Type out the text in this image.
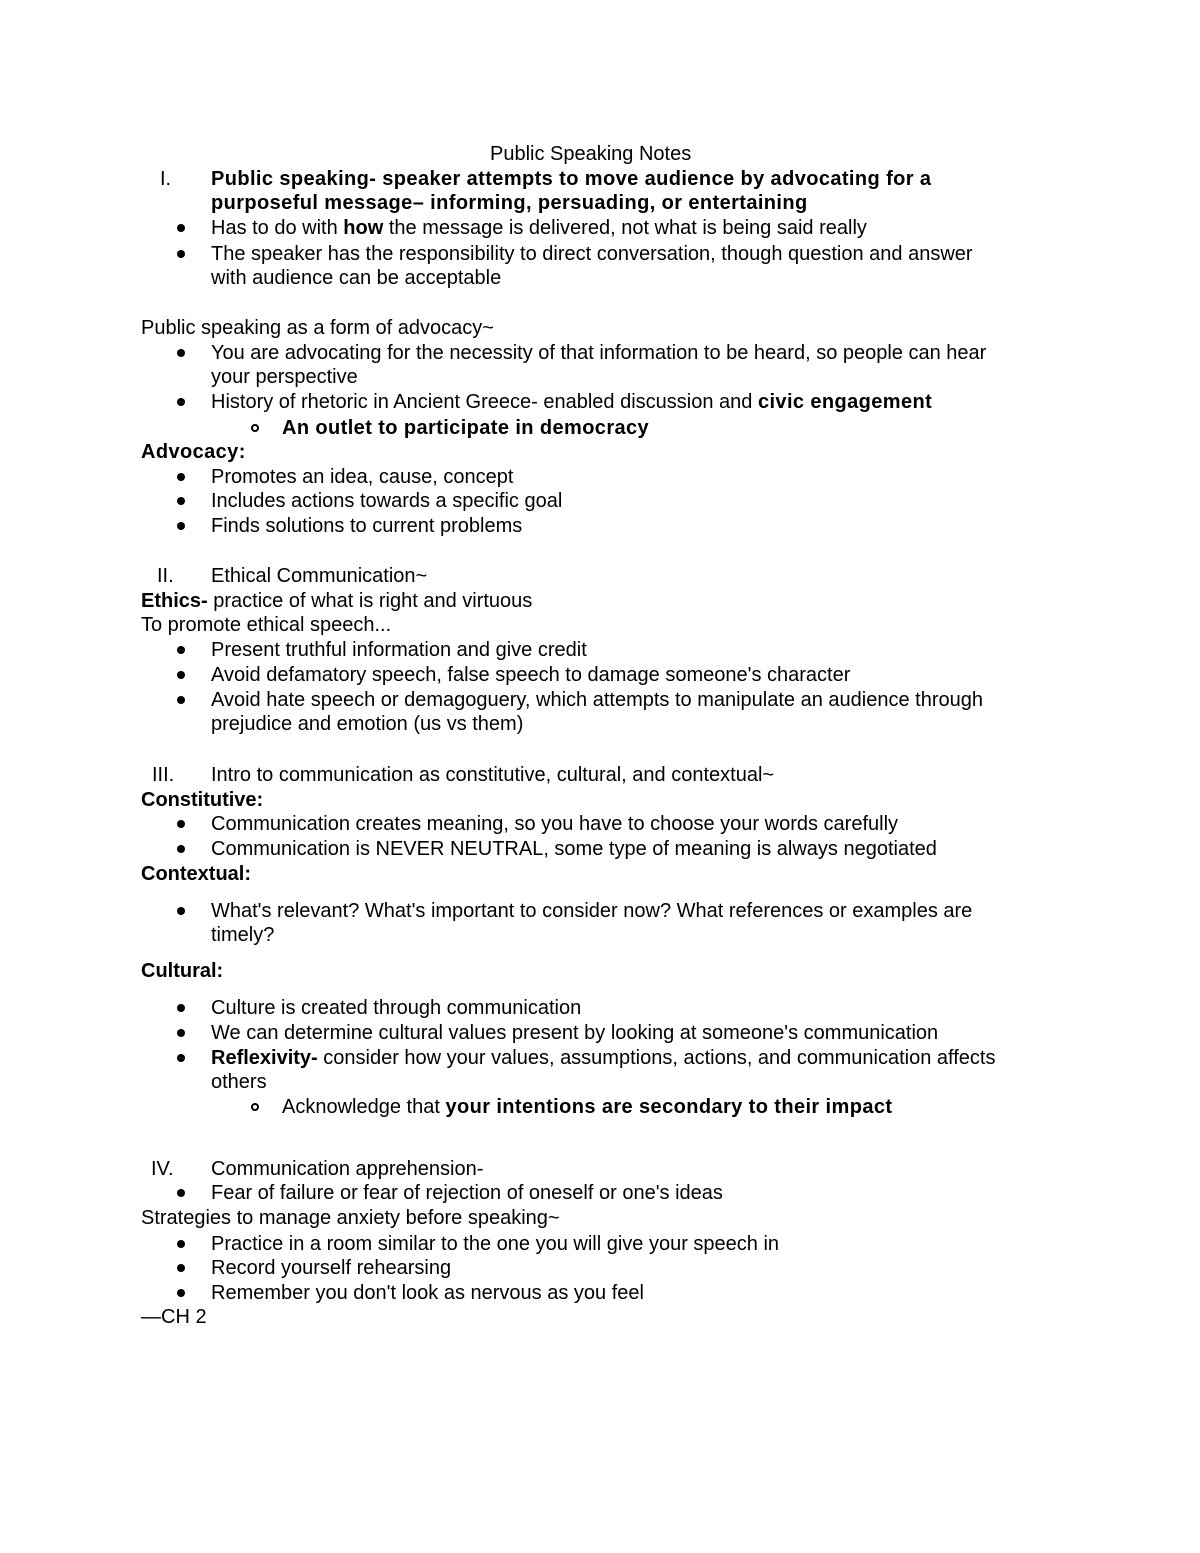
Public Speaking Notes
I. Public speaking- speaker attempts to move audience by advocating for a
purposeful message– informing, persuading, or entertaining
Has to do with how the message is delivered, not what is being said really
The speaker has the responsibility to direct conversation, though question and answer
with audience can be acceptable
Public speaking as a form of advocacy~
You are advocating for the necessity of that information to be heard, so people can hear
your perspective
History of rhetoric in Ancient Greece- enabled discussion and civic engagement
An outlet to participate in democracy
Advocacy:
Promotes an idea, cause, concept
Includes actions towards a specific goal
Finds solutions to current problems
II. Ethical Communication~
Ethics- practice of what is right and virtuous
To promote ethical speech...
Present truthful information and give credit
Avoid defamatory speech, false speech to damage someone's character
Avoid hate speech or demagoguery, which attempts to manipulate an audience through
prejudice and emotion (us vs them)
III. Intro to communication as constitutive, cultural, and contextual~
Constitutive:
Communication creates meaning, so you have to choose your words carefully
Communication is NEVER NEUTRAL, some type of meaning is always negotiated
Contextual:
What's relevant? What's important to consider now? What references or examples are
timely?
Cultural:
Culture is created through communication
We can determine cultural values present by looking at someone's communication
Reflexivity- consider how your values, assumptions, actions, and communication affects
others
Acknowledge that your intentions are secondary to their impact
IV. Communication apprehension-
Fear of failure or fear of rejection of oneself or one's ideas
Strategies to manage anxiety before speaking~
Practice in a room similar to the one you will give your speech in
Record yourself rehearsing
Remember you don't look as nervous as you feel
—CH 2
